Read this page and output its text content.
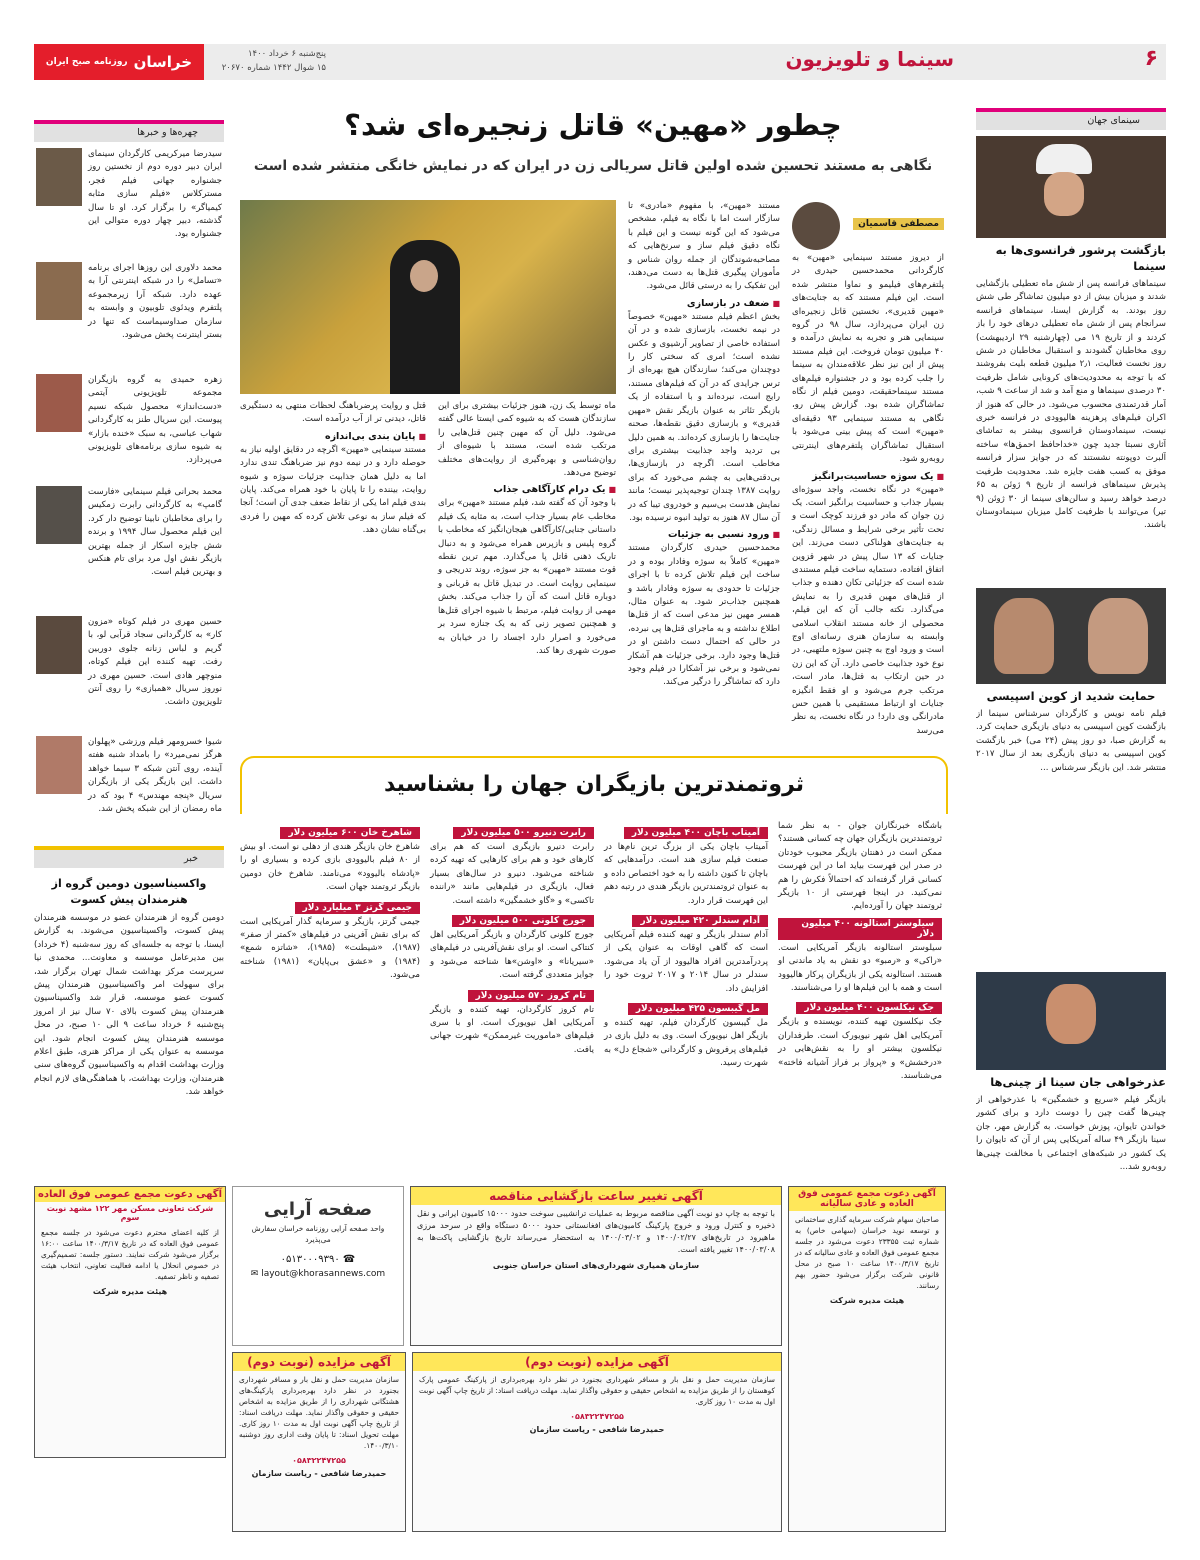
خراسان
روزنامه صبح ایران
پنج‌شنبه ۶ خرداد ۱۴۰۰
۱۵ شوال ۱۴۴۲ شماره ۲۰۶۷۰	سینما و تلویزیون	۶
چهره‌ها و خبرها
سیدرضا میرکریمی کارگردان سینمای ایران دبیر دوره دوم از نخستین روز جشنواره جهانی فیلم فجر، مسترکلاس «فیلم سازی مثابه کیمیاگر» را برگزار کرد. او تا سال گذشته، دبیر چهار دوره متوالی این جشنواره بود.
محمد دلاوری این روزها اجرای برنامه «تسامل» را در شبکه اینترنتی آرا به عهده دارد. شبکه آرا زیرمجموعه پلتفرم ویدئوی تلوبیون و وابسته به سازمان صداوسیماست که تنها در بستر اینترنت پخش می‌شود.
زهره حمیدی به گروه بازیگران مجموعه تلویزیونی آیتمی «دست‌انداز» محصول شبکه نسیم پیوست. این سریال طنز به کارگردانی شهاب عباسی، به سبک «خنده بازار» به شیوه سازی برنامه‌های تلویزیونی می‌پردازد.
محمد بحرانی فیلم سینمایی «فارست گامپ» به کارگردانی رابرت زمکیس را برای مخاطبان نابینا توضیح دار کرد. این فیلم محصول سال ۱۹۹۴ و برنده شش جایزه اسکار از جمله بهترین بازیگر نقش اول مرد برای تام هنکس و بهترین فیلم است.
حسین مهری در فیلم کوتاه «مزون کار» به کارگردانی سجاد قرآبی لو، با گریم و لباس زنانه جلوی دوربین رفت. تهیه کننده این فیلم کوتاه، منوچهر هادی است. حسین مهری در نوروز سریال «همبازی» را روی آنتن تلویزیون داشت.
شیوا خسرومهر فیلم ورزشی «پهلوان هرگز نمی‌میرد» را بامداد شنبه هفته آینده، روی آنتن شبکه ۳ سیما خواهد داشت. این بازیگر یکی از بازیگران سریال «پنجه مهندس» ۴ بود که در ماه رمضان از این شبکه پخش شد.
خبر
واکسیناسیون دومین گروه از هنرمندان پیش کسوت
دومین گروه از هنرمندان عضو در موسسه هنرمندان پیش کسوت، واکسیناسیون می‌شوند. به گزارش ایسنا، با توجه به جلسه‌ای که روز سه‌شنبه (۴ خرداد) بین مدیرعامل موسسه و معاونت... محمدی نیا سرپرست مرکز بهداشت شمال تهران برگزار شد، برای سهولت امر واکسیناسیون هنرمندان پیش کسوت عضو موسسه، قرار شد واکسیناسیون هنرمندان پیش کسوت بالای ۷۰ سال نیز از امروز پنج‌شنبه ۶ خرداد ساعت ۹ الی ۱۰ صبح، در محل موسسه هنرمندان پیش کسوت انجام شود. این موسسه به عنوان یکی از مراکز هنری، طبق اعلام وزارت بهداشت اقدام به واکسیناسیون گروه‌های سنی هنرمندان، وزارت بهداشت، با هماهنگی‌های لازم انجام خواهد شد.
چطور «مهین» قاتل زنجیره‌ای شد؟
نگاهی به مستند تحسین شده اولین قاتل سریالی زن در ایران که در نمایش خانگی منتشر شده است
مصطفی قاسمیان
از دیروز مستند سینمایی «مهین» به کارگردانی محمدحسین حیدری در پلتفرم‌های فیلیمو و نماوا منتشر شده است. این فیلم مستند که به جنایت‌های «مهین قدیری»، نخستین قاتل زنجیره‌ای زن ایران می‌پردازد، سال ۹۸ در گروه سینمایی هنر و تجربه به نمایش درآمده و ۴۰ میلیون تومان فروخت. این فیلم مستند پیش از این نیز نظر علاقه‌مندان به سینما را جلب کرده بود و در جشنواره فیلم‌های مستند سینماحقیقت، دومین فیلم از نگاه تماشاگران شده بود. گزارش پیش رو، نگاهی به مستند سینمایی ۹۳ دقیقه‌ای «مهین» است که پیش بینی می‌شود با استقبال تماشاگران پلتفرم‌های اینترنتی روبه‌رو شود.
■ یک سوژه حساسیت‌برانگیز
«مهین» در نگاه نخست، واجد سوژه‌ای بسیار جذاب و حساسیت‌ برانگیز است. یک زن جوان که مادر دو فرزند کوچک است و تحت تأثیر برخی شرایط و مسائل زندگی، به جنایت‌های هولناکی دست می‌زند. این جنایات که ۱۳ سال پیش در شهر قزوین اتفاق افتاده، دستمایه ساخت فیلم مستندی شده است که جزئیاتی تکان دهنده و جذاب از قتل‌های مهین قدیری را به نمایش می‌گذارد. نکته جالب آن که این فیلم، محصولی از خانه مستند انقلاب اسلامی وابسته به سازمان هنری رسانه‌ای اوج است و ورود اوج به چنین سوژه ملتهبی، در نوع خود جذابیت خاصی دارد. آن که این زن در حین ارتکاب به قتل‌ها، مادر است، مرتکب جرم می‌شود و او فقط انگیزه جنایات او ارتباط مستقیمی با همین حس مادرانگی وی دارد! در نگاه نخست، به نظر می‌رسد
مستند «مهین»، با مفهوم «مادری» تا سازگار است اما با نگاه به فیلم، مشخص می‌شود که این گونه نیست و این فیلم با نگاه دقیق فیلم ساز و سرنخ‌هایی که مصاحبه‌شوندگان از جمله روان شناس و مأموران پیگیری قتل‌ها به دست می‌دهند، این تفکیک را به درستی قائل می‌شود.
■ ضعف در بازسازی
بخش اعظم فیلم مستند «مهین» خصوصاً در نیمه نخست، بازسازی شده و در آن استفاده خاصی از تصاویر آرشیوی و عکس نشده است؛ امری که سختی کار را دوچندان می‌کند؛ سازندگان هیچ بهره‌ای از ترس جرایدی که در آن که فیلم‌های مستند، رایج است، نبرده‌اند و با استفاده از یک بازیگر تئاتر به عنوان بازیگر نقش «مهین قدیری» و بازسازی دقیق نقطه‌ها، صحنه جنایت‌ها را بازسازی کرده‌اند. به همین دلیل بی تردید واجد جذابیت بیشتری برای مخاطب است. اگرچه در بازسازی‌ها، بی‌دقتی‌هایی به چشم می‌خورد که برای روایت ۱۳۸۷ چندان توجیه‌پذیر نیست؛ مانند نمایش هدست بی‌سیم و خودروی تیبا که در آن سال ۸۷ هنوز به تولید انبوه نرسیده بود.
■ ورود نسبی به جزئیات
محمدحسین حیدری کارگردان مستند «مهین» کاملاً به سوژه وفادار بوده و در ساخت این فیلم تلاش کرده تا با اجرای جزئیات تا حدودی به سوژه وفادار باشد و همچنین جذاب‌تر شود. به عنوان مثال، همسر مهین نیز مدعی است که از قتل‌ها اطلاع نداشته و به ماجرای قتل‌ها پی نبرده، در حالی که احتمال دست داشتن او در قتل‌ها وجود دارد. برخی جزئیات هم آشکار نمی‌شود و برخی نیز آشکارا در فیلم وجود دارد که تماشاگر را درگیر می‌کند.
ماه توسط یک زن، هنوز جزئیات بیشتری برای این سازندگان هست که به شیوه کمی ایستا عالی گفته می‌شود. دلیل آن که مهین چنین قتل‌هایی را مرتکب شده است، مستند با شیوه‌ای از روان‌شناسی و بهره‌گیری از روایت‌های مختلف توضیح می‌دهد.
■ یک درام کارآگاهی جذاب
با وجود آن که گفته شد، فیلم مستند «مهین» برای مخاطب عام بسیار جذاب است، به مثابه یک فیلم داستانی جنایی/کارآگاهی هیجان‌انگیز که مخاطب با گروه پلیس و بازپرس همراه می‌شود و به دنبال تاریک ذهنی قاتل پا می‌گذارد. مهم ترین نقطه قوت مستند «مهین» به جز سوژه، روند تدریجی و سینمایی روایت است. در تبدیل قاتل به قربانی و دوباره قاتل است که آن را جذاب می‌کند. بخش مهمی از روایت فیلم، مرتبط با شیوه اجرای قتل‌ها و همچنین تصویر زنی که به یک جنازه سرد بر می‌خورد و اصرار دارد اجساد را در خیابان به صورت شهری رها کند.
قتل و روایت پرضرباهنگ لحظات منتهی به دستگیری قاتل، دیدنی تر از آب درآمده است.
■ پایان بندی بی‌اندازه
مستند سینمایی «مهین» اگرچه در دقایق اولیه نیاز به حوصله دارد و در نیمه دوم نیز ضرباهنگ تندی ندارد اما به دلیل همان جذابیت جزئیات سوژه و شیوه روایت، بیننده را تا پایان با خود همراه می‌کند. پایان بندی فیلم اما یکی از نقاط ضعف جدی آن است؛ آنجا که فیلم ساز به نوعی تلاش کرده که مهین را فردی بی‌گناه نشان دهد.
ثروتمندترین بازیگران جهان را بشناسید
باشگاه خبرنگاران جوان - به نظر شما ثروتمندترین بازیگران جهان چه کسانی هستند؟ ممکن است در ذهنتان بازیگر محبوب خودتان در صدر این فهرست بیاید اما در این فهرست کسانی قرار گرفته‌اند که احتمالاً فکرش را هم نمی‌کنید. در اینجا فهرستی از ۱۰ بازیگر ثروتمند جهان را آورده‌ایم.
سیلوستر استالونه ۴۰۰ میلیون دلار
سیلوستر استالونه بازیگر آمریکایی است. «راکی» و «رمبو» دو نقش به یاد ماندنی او هستند. استالونه یکی از بازیگران پرکار هالیوود است و همه با این فیلم‌ها او را می‌شناسند.
جک نیکلسون ۴۰۰ میلیون دلار
جک نیکلسون تهیه کننده، نویسنده و بازیگر آمریکایی اهل شهر نیویورک است. طرفداران نیکلسون بیشتر او را به نقش‌هایی در «درخشش» و «پرواز بر فراز آشیانه فاخته» می‌شناسند.
آمیتاب باچان ۴۰۰ میلیون دلار
آمیتاب باچان یکی از بزرگ ترین نام‌ها در صنعت فیلم سازی هند است. درآمدهایی که باچان تا کنون داشته را به خود اختصاص داده و به عنوان ثروتمندترین بازیگر هندی در رتبه دهم این فهرست قرار دارد.
آدام سندلر ۴۲۰ میلیون دلار
آدام سندلر بازیگر و تهیه کننده فیلم آمریکایی است که گاهی اوقات به عنوان یکی از پردرآمدترین افراد هالیوود از آن یاد می‌شود. سندلر در سال ۲۰۱۴ و ۲۰۱۷ ثروت خود را افزایش داد.
مل گیبسون ۴۲۵ میلیون دلار
مل گیبسون کارگردان فیلم، تهیه کننده و بازیگر اهل نیویورک است. وی به دلیل بازی در فیلم‌های پرفروش و کارگردانی «شجاع دل» به شهرت رسید.
رابرت دنیرو ۵۰۰ میلیون دلار
رابرت دنیرو بازیگری است که هم برای کارهای خود و هم برای کارهایی که تهیه کرده شناخته می‌شود. دنیرو در سال‌های بسیار فعال، بازیگری در فیلم‌هایی مانند «راننده تاکسی» و «گاو خشمگین» داشته است.
جورج کلونی ۵۰۰ میلیون دلار
جورج کلونی کارگردان و بازیگر آمریکایی اهل کنتاکی است. او برای نقش‌آفرینی در فیلم‌های «سیریانا» و «اوشن»ها شناخته می‌شود و جوایز متعددی گرفته است.
تام کروز ۵۷۰ میلیون دلار
تام کروز کارگردان، تهیه کننده و بازیگر آمریکایی اهل نیویورک است. او با سری فیلم‌های «ماموریت غیرممکن» شهرت جهانی یافت.
شاهرخ خان ۶۰۰ میلیون دلار
شاهرخ خان بازیگر هندی از دهلی نو است. او بیش از ۸۰ فیلم بالیوودی بازی کرده و بسیاری او را «پادشاه بالیوود» می‌نامند. شاهرخ خان دومین بازیگر ثروتمند جهان است.
جیمی گرتز ۳ میلیارد دلار
جیمی گرتز، بازیگر و سرمایه گذار آمریکایی است که برای نقش آفرینی در فیلم‌های «کمتر از صفر» (۱۹۸۷)، «شیطنت» (۱۹۸۵)، «شاتزه شمع» (۱۹۸۴) و «عشق بی‌پایان» (۱۹۸۱) شناخته می‌شود.
سینمای جهان
بازگشت پرشور فرانسوی‌ها به سینما
سینماهای فرانسه پس از شش ماه تعطیلی بازگشایی شدند و میزبان بیش از دو میلیون تماشاگر طی شش روز بودند. به گزارش ایسنا، سینماهای فرانسه سرانجام پس از شش ماه تعطیلی درهای خود را باز کردند و از تاریخ ۱۹ می (چهارشنبه ۲۹ اردیبهشت) روی مخاطبان گشودند و استقبال مخاطبان در شش روز نخست فعالیت، ۲٫۱ میلیون قطعه بلیت بفروشند که با توجه به محدودیت‌های کرونایی شامل ظرفیت ۳۰ درصدی سینماها و منع آمد و شد از ساعت ۹ شب، آمار قدرتمندی محسوب می‌شود. در حالی که هنوز از اکران فیلم‌های پرهزینه هالیوودی در فرانسه خبری نیست، سینمادوستان فرانسوی بیشتر به تماشای آثاری نسبتا جدید چون «خداحافظ احمق‌ها» ساخته آلبرت دوپونته نشستند که در جوایز سزار فرانسه موفق به کسب هفت جایزه شد. محدودیت ظرفیت پذیرش سینماهای فرانسه از تاریخ ۹ ژوئن به ۶۵ درصد خواهد رسید و سالن‌های سینما از ۳۰ ژوئن (۹ تیر) می‌توانند با ظرفیت کامل میزبان سینمادوستان باشند.
حمایت شدید از کوین اسپیسی
فیلم نامه نویس و کارگردان سرشناس سینما از بازگشت کوین اسپیسی به دنیای بازیگری حمایت کرد. به گزارش صبا، دو روز پیش (۲۴ می) خبر بازگشت کوین اسپیسی به دنیای بازیگری بعد از سال ۲۰۱۷ منتشر شد. این بازیگر سرشناس ...
عذرخواهی جان سینا از چینی‌ها
بازیگر فیلم «سریع و خشمگین» با عذرخواهی از چینی‌ها گفت چین را دوست دارد و برای کشور خواندن تایوان، پوزش خواست. به گزارش مهر، جان سینا بازیگر ۴۹ ساله آمریکایی پس از آن که تایوان را یک کشور در شبکه‌های اجتماعی با مخالفت چینی‌ها روبه‌رو شد...
آگهی دعوت مجمع عمومی فوق العاده
شرکت تعاونی مسکن مهر ۱۲۲ مشهد نوبت سوم
از کلیه اعضای محترم دعوت می‌شود در جلسه مجمع عمومی فوق العاده که در تاریخ ۱۴۰۰/۳/۱۷ ساعت ۱۶:۰۰ برگزار می‌شود شرکت نمایند. دستور جلسه: تصمیم‌گیری در خصوص انحلال یا ادامه فعالیت تعاونی، انتخاب هیئت تصفیه و ناظر تصفیه.
هیئت مدیره شرکت
صفحه آرایی
واحد صفحه آرایی روزنامه خراسان سفارش می‌پذیرد
☎ ۰۵۱۳۰۰۰۹۳۹۰
✉ layout@khorasannews.com
آگهی تغییر ساعت بازگشایی مناقصه
با توجه به چاپ دو نوبت آگهی مناقصه مربوط به عملیات ترانشیبی سوخت حدود ۱۵۰۰۰ کامیون ایرانی و نقل ذخیره و کنترل ورود و خروج پارکینگ کامیون‌های افغانستانی حدود ۵۰۰۰ دستگاه واقع در سرحد مرزی ماهیرود در تاریخ‌های ۱۴۰۰/۰۲/۲۷ و ۱۴۰۰/۰۳/۰۲ به استحضار می‌رساند تاریخ بازگشایی پاکت‌ها به ۱۴۰۰/۰۳/۰۸ تغییر یافته است.
سازمان همیاری شهرداری‌های استان خراسان جنوبی
آگهی دعوت مجمع عمومی فوق العاده و عادی سالیانه
صاحبان سهام شرکت سرمایه گذاری ساختمانی و توسعه نوید خراسان (سهامی خاص) به شماره ثبت ۲۳۳۵۵ دعوت می‌شود در جلسه مجمع عمومی فوق العاده و عادی سالیانه که در تاریخ ۱۴۰۰/۳/۱۷ ساعت ۱۰ صبح در محل قانونی شرکت برگزار می‌شود حضور بهم رسانند.
هیئت مدیره شرکت
آگهی مزایده (نوبت دوم)
سازمان مدیریت حمل و نقل بار و مسافر شهرداری بجنورد در نظر دارد بهره‌برداری پارکینگ‌های هشتگانی شهرداری را از طریق مزایده به اشخاص حقیقی و حقوقی واگذار نماید. مهلت دریافت اسناد: از تاریخ چاپ آگهی نوبت اول به مدت ۱۰ روز کاری. مهلت تحویل اسناد: تا پایان وقت اداری روز دوشنبه ۱۴۰۰/۳/۱۰.
۰۵۸۳۲۲۴۷۲۵۵
حمیدرضا شافعی - ریاست سازمان
آگهی مزایده (نوبت دوم)
سازمان مدیریت حمل و نقل بار و مسافر شهرداری بجنورد در نظر دارد بهره‌برداری از پارکینگ عمومی پارک کوهستان را از طریق مزایده به اشخاص حقیقی و حقوقی واگذار نماید. مهلت دریافت اسناد: از تاریخ چاپ آگهی نوبت اول به مدت ۱۰ روز کاری.
۰۵۸۳۲۲۴۷۲۵۵
حمیدرضا شافعی - ریاست سازمان
